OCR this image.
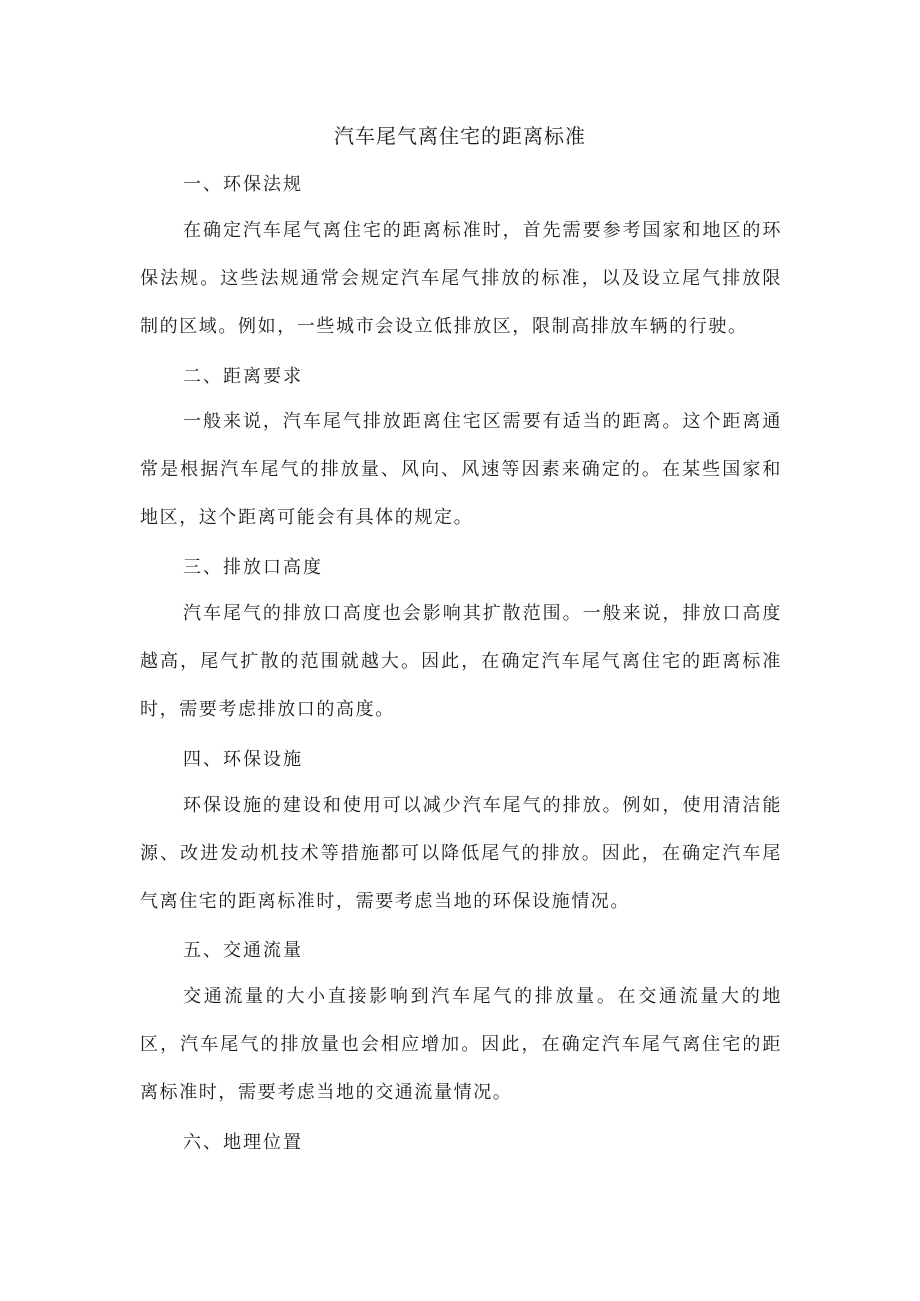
汽车尾气离住宅的距离标准
一、环保法规
在确定汽车尾气离住宅的距离标准时，首先需要参考国家和地区的环保法规。这些法规通常会规定汽车尾气排放的标准，以及设立尾气排放限制的区域。例如，一些城市会设立低排放区，限制高排放车辆的行驶。
二、距离要求
一般来说，汽车尾气排放距离住宅区需要有适当的距离。这个距离通常是根据汽车尾气的排放量、风向、风速等因素来确定的。在某些国家和地区，这个距离可能会有具体的规定。
三、排放口高度
汽车尾气的排放口高度也会影响其扩散范围。一般来说，排放口高度越高，尾气扩散的范围就越大。因此，在确定汽车尾气离住宅的距离标准时，需要考虑排放口的高度。
四、环保设施
环保设施的建设和使用可以减少汽车尾气的排放。例如，使用清洁能源、改进发动机技术等措施都可以降低尾气的排放。因此，在确定汽车尾气离住宅的距离标准时，需要考虑当地的环保设施情况。
五、交通流量
交通流量的大小直接影响到汽车尾气的排放量。在交通流量大的地区，汽车尾气的排放量也会相应增加。因此，在确定汽车尾气离住宅的距离标准时，需要考虑当地的交通流量情况。
六、地理位置
